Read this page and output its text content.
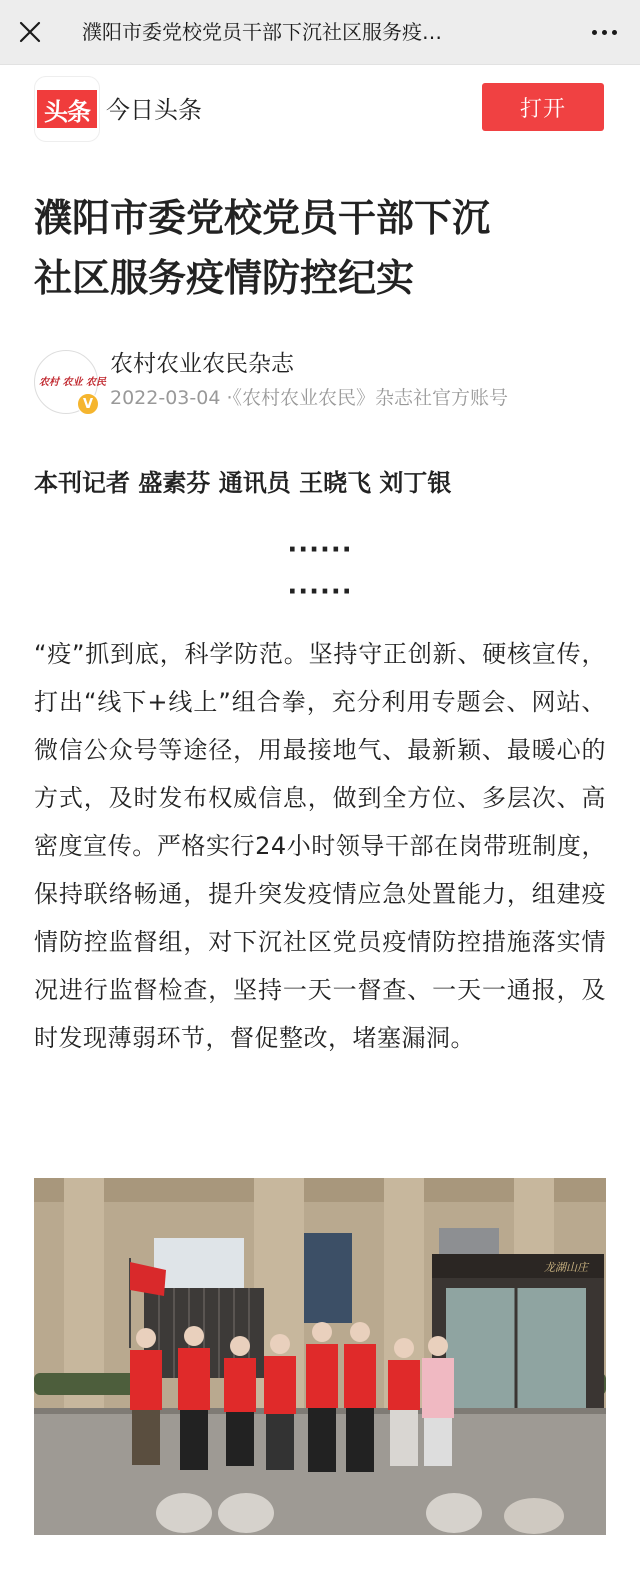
濮阳市委党校党员干部下沉社区服务疫…
头条 今日头条	打开
濮阳市委党校党员干部下沉
社区服务疫情防控纪实
农村 农业 农民
V
农村农业农民杂志
2022-03-04 ·《农村农业农民》杂志社官方账号
本刊记者 盛素芬 通讯员 王晓飞 刘丁银
······
······

“疫”抓到底，科学防范。坚持守正创新、硬核宣传，打出“线下+线上”组合拳，充分利用专题会、网站、微信公众号等途径，用最接地气、最新颖、最暖心的方式，及时发布权威信息，做到全方位、多层次、高密度宣传。严格实行24小时领导干部在岗带班制度，保持联络畅通，提升突发疫情应急处置能力，组建疫情防控监督组，对下沉社区党员疫情防控措施落实情况进行监督检查，坚持一天一督查、一天一通报，及时发现薄弱环节，督促整改，堵塞漏洞。

龙湖山庄
